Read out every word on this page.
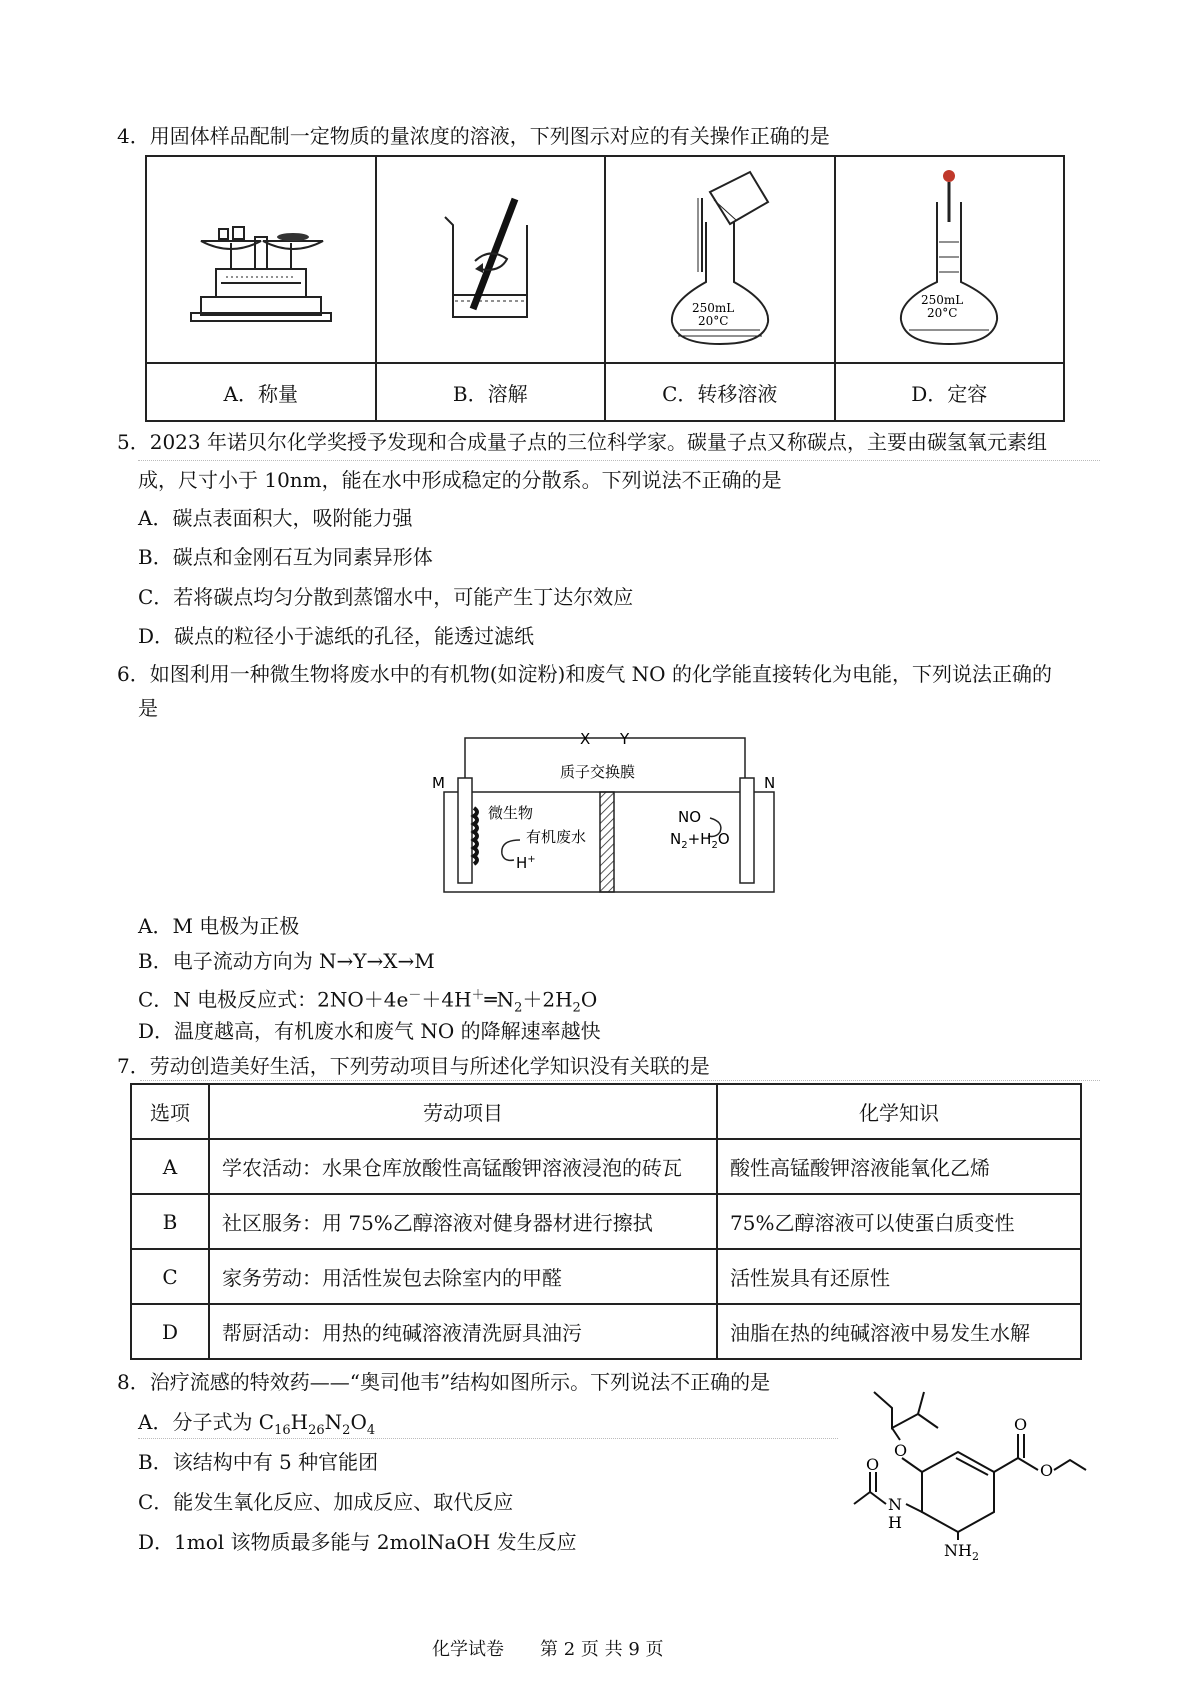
4．用固体样品配制一定物质的量浓度的溶液，下列图示对应的有关操作正确的是

250mL
20°C	250mL
20°C

A．称量	B．溶解	C．转移溶液	D．定容
5．2023 年诺贝尔化学奖授予发现和合成量子点的三位科学家。碳量子点又称碳点，主要由碳氢氧元素组
成，尺寸小于 10nm，能在水中形成稳定的分散系。下列说法不正确的是
A．碳点表面积大，吸附能力强
B．碳点和金刚石互为同素异形体
C．若将碳点均匀分散到蒸馏水中，可能产生丁达尔效应
D．碳点的粒径小于滤纸的孔径，能透过滤纸
6．如图利用一种微生物将废水中的有机物(如淀粉)和废气 NO 的化学能直接转化为电能，下列说法正确的
是
X Y
M	N
质子交换膜
微生物
有机废水
H+
NO
$N_2+H_2O$
A．M 电极为正极
B．电子流动方向为 N→Y→X→M
C．N 电极反应式：$2NO+4e^-+4H^+═N_2+2H_2O$
D．温度越高，有机废水和废气 NO 的降解速率越快
7．劳动创造美好生活，下列劳动项目与所述化学知识没有关联的是
选项	劳动项目	化学知识
A	学农活动：水果仓库放酸性高锰酸钾溶液浸泡的砖瓦	酸性高锰酸钾溶液能氧化乙烯
B	社区服务：用 75%乙醇溶液对健身器材进行擦拭	75%乙醇溶液可以使蛋白质变性
C	家务劳动：用活性炭包去除室内的甲醛	活性炭具有还原性
D	帮厨活动：用热的纯碱溶液清洗厨具油污	油脂在热的纯碱溶液中易发生水解
8．治疗流感的特效药——“奥司他韦”结构如图所示。下列说法不正确的是
A．分子式为 $C_{16}H_{26}N_2O_4$
B．该结构中有 5 种官能团
C．能发生氧化反应、加成反应、取代反应
D．1mol 该物质最多能与 2molNaOH 发生反应
O
O
O
O
N
H
$NH_2$
化学试卷　　第 2 页 共 9 页
